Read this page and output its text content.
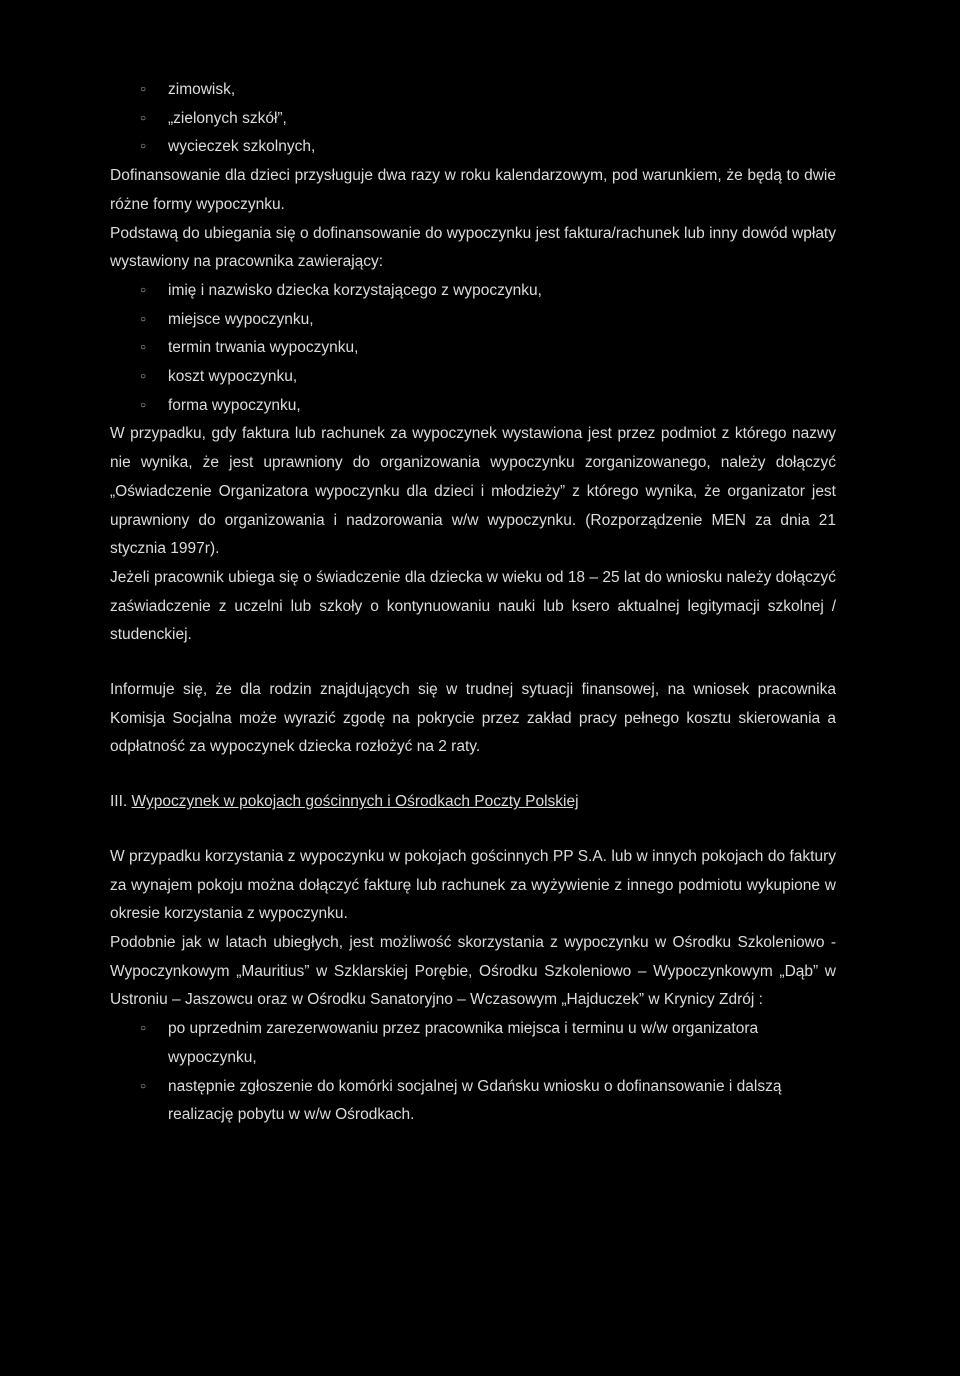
○ zimowisk,
○ „zielonych szkół”,
○ wycieczek szkolnych,
Dofinansowanie dla dzieci przysługuje dwa razy w roku kalendarzowym, pod warunkiem, że będą to dwie różne formy wypoczynku.
Podstawą do ubiegania się o dofinansowanie do wypoczynku jest faktura/rachunek lub inny dowód wpłaty wystawiony na pracownika zawierający:
○ imię i nazwisko dziecka korzystającego z wypoczynku,
○ miejsce wypoczynku,
○ termin trwania wypoczynku,
○ koszt wypoczynku,
○ forma wypoczynku,
W przypadku, gdy faktura lub rachunek za wypoczynek wystawiona jest przez podmiot z którego nazwy nie wynika, że jest uprawniony do organizowania wypoczynku zorganizowanego, należy dołączyć „Oświadczenie Organizatora wypoczynku dla dzieci i młodzieży” z którego wynika, że organizator jest uprawniony do organizowania i nadzorowania w/w wypoczynku. (Rozporządzenie MEN za dnia 21 stycznia 1997r).
Jeżeli pracownik ubiega się o świadczenie dla dziecka w wieku od 18 – 25 lat do wniosku należy dołączyć zaświadczenie z uczelni lub szkoły o kontynuowaniu nauki lub ksero aktualnej legitymacji szkolnej / studenckiej.
Informuje się, że dla rodzin znajdujących się w trudnej sytuacji finansowej, na wniosek pracownika Komisja Socjalna może wyrazić zgodę na pokrycie przez zakład pracy pełnego kosztu skierowania a odpłatność za wypoczynek dziecka rozłożyć na 2 raty.
III. Wypoczynek w pokojach gościnnych i Ośrodkach Poczty Polskiej
W przypadku korzystania z wypoczynku w pokojach gościnnych PP S.A. lub w innych pokojach do faktury za wynajem pokoju można dołączyć fakturę lub rachunek za wyżywienie z innego podmiotu wykupione w okresie korzystania z wypoczynku.
Podobnie jak w latach ubiegłych, jest możliwość skorzystania z wypoczynku w Ośrodku Szkoleniowo - Wypoczynkowym „Mauritius” w Szklarskiej Porębie, Ośrodku Szkoleniowo – Wypoczynkowym „Dąb” w Ustroniu – Jaszowcu oraz w Ośrodku Sanatoryjno – Wczasowym „Hajduczek” w Krynicy Zdrój :
○ po uprzednim zarezerwowaniu przez pracownika miejsca i terminu u w/w organizatora wypoczynku,
○ następnie zgłoszenie do komórki socjalnej w Gdańsku wniosku o dofinansowanie i dalszą realizację pobytu w w/w Ośrodkach.
